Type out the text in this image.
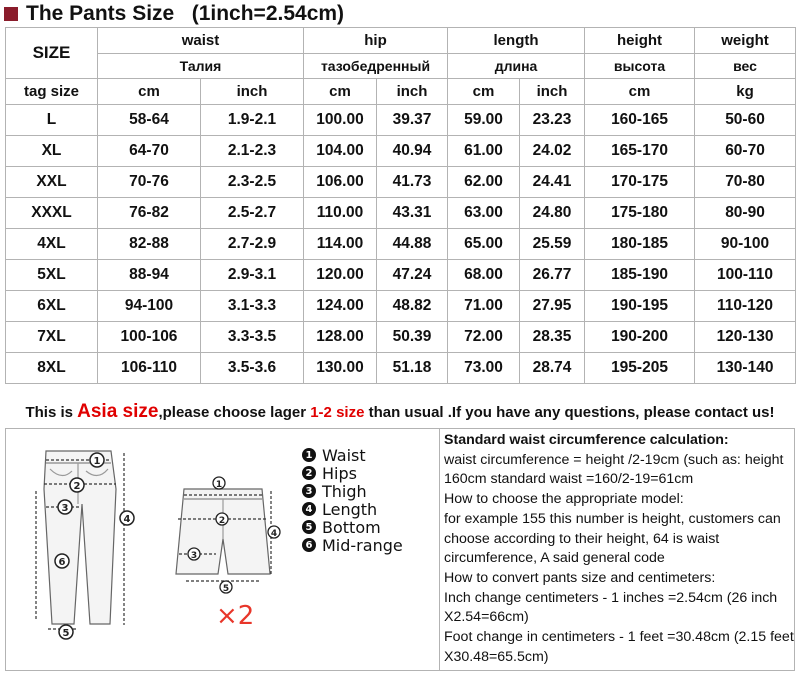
The Pants Size   (1inch=2.54cm)
SIZE	waist		hip		length		height	weight
	Талия		тазобедренный		длина		высота	вес
tag size	cm	inch	cm	inch	cm	inch	cm	kg
L	58-64	1.9-2.1	100.00	39.37	59.00	23.23	160-165	50-60
XL	64-70	2.1-2.3	104.00	40.94	61.00	24.02	165-170	60-70
XXL	70-76	2.3-2.5	106.00	41.73	62.00	24.41	170-175	70-80
XXXL	76-82	2.5-2.7	110.00	43.31	63.00	24.80	175-180	80-90
4XL	82-88	2.7-2.9	114.00	44.88	65.00	25.59	180-185	90-100
5XL	88-94	2.9-3.1	120.00	47.24	68.00	26.77	185-190	100-110
6XL	94-100	3.1-3.3	124.00	48.82	71.00	27.95	190-195	110-120
7XL	100-106	3.3-3.5	128.00	50.39	72.00	28.35	190-200	120-130
8XL	106-110	3.5-3.6	130.00	51.18	73.00	28.74	195-205	130-140
This is Asia size,please choose lager 1-2 size than usual .If you have any questions, please contact us!
1
2
3
4
5
6
1
2
3
4
5
×2
1 Waist
2 Hips
3 Thigh
4 Length
5 Bottom
6 Mid-range

Standard waist circumference calculation:

waist circumference = height /2-19cm (such as: height 160cm standard waist =160/2-19=61cm

How to choose the appropriate model:

for example 155 this number is height, customers can choose according to their height, 64 is waist circumference, A said general code

How to convert pants size and centimeters:

Inch change centimeters - 1 inches =2.54cm (26 inch X2.54=66cm)

Foot change in centimeters - 1 feet =30.48cm (2.15 feet X30.48=65.5cm)
